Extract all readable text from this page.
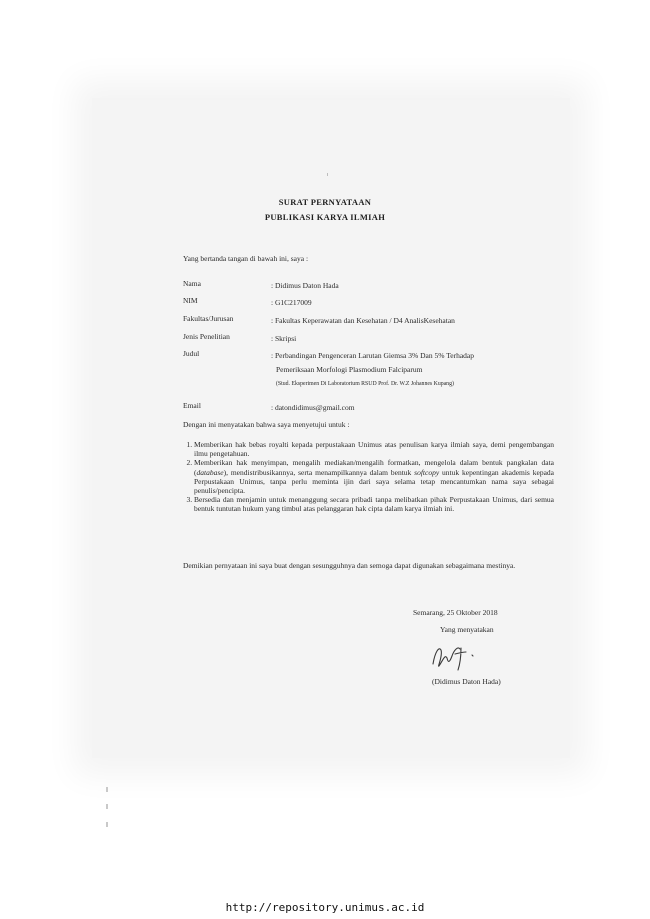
SURAT PERNYATAAN
PUBLIKASI KARYA ILMIAH
Yang bertanda tangan di bawah ini, saya :
Nama	: Didimus Daton Hada
NIM	: G1C217009
Fakultas/Jurusan	: Fakultas Keperawatan dan Kesehatan / D4 AnalisKesehatan
Jenis Penelitian	: Skripsi
Judul	: Perbandingan Pengenceran Larutan Giemsa 3% Dan 5% Terhadap
Pemeriksaan Morfologi Plasmodium Falciparum
(Stud. Eksperimen Di Laboratorium RSUD Prof. Dr. W.Z Johannes Kupang)
Email	: datondidimus@gmail.com
Dengan ini menyatakan bahwa saya menyetujui untuk :
1. Memberikan hak bebas royalti kepada perpustakaan Unimus atas penulisan karya ilmiah saya, demi pengembangan ilmu pengetahuan.
2. Memberikan hak menyimpan, mengalih mediakan/mengalih formatkan, mengelola dalam bentuk pangkalan data (database), mendistribusikannya, serta menampilkannya dalam bentuk softcopy untuk kepentingan akademis kepada Perpustakaan Unimus, tanpa perlu meminta ijin dari saya selama tetap mencantumkan nama saya sebagai penulis/pencipta.
3. Bersedia dan menjamin untuk menanggung secara pribadi tanpa melibatkan pihak Perpustakaan Unimus, dari semua bentuk tuntutan hukum yang timbul atas pelanggaran hak cipta dalam karya ilmiah ini.
Demikian pernyataan ini saya buat dengan sesungguhnya dan semoga dapat digunakan sebagaimana mestinya.
Semarang, 25 Oktober 2018
Yang menyatakan
(Didimus Daton Hada)
http://repository.unimus.ac.id
